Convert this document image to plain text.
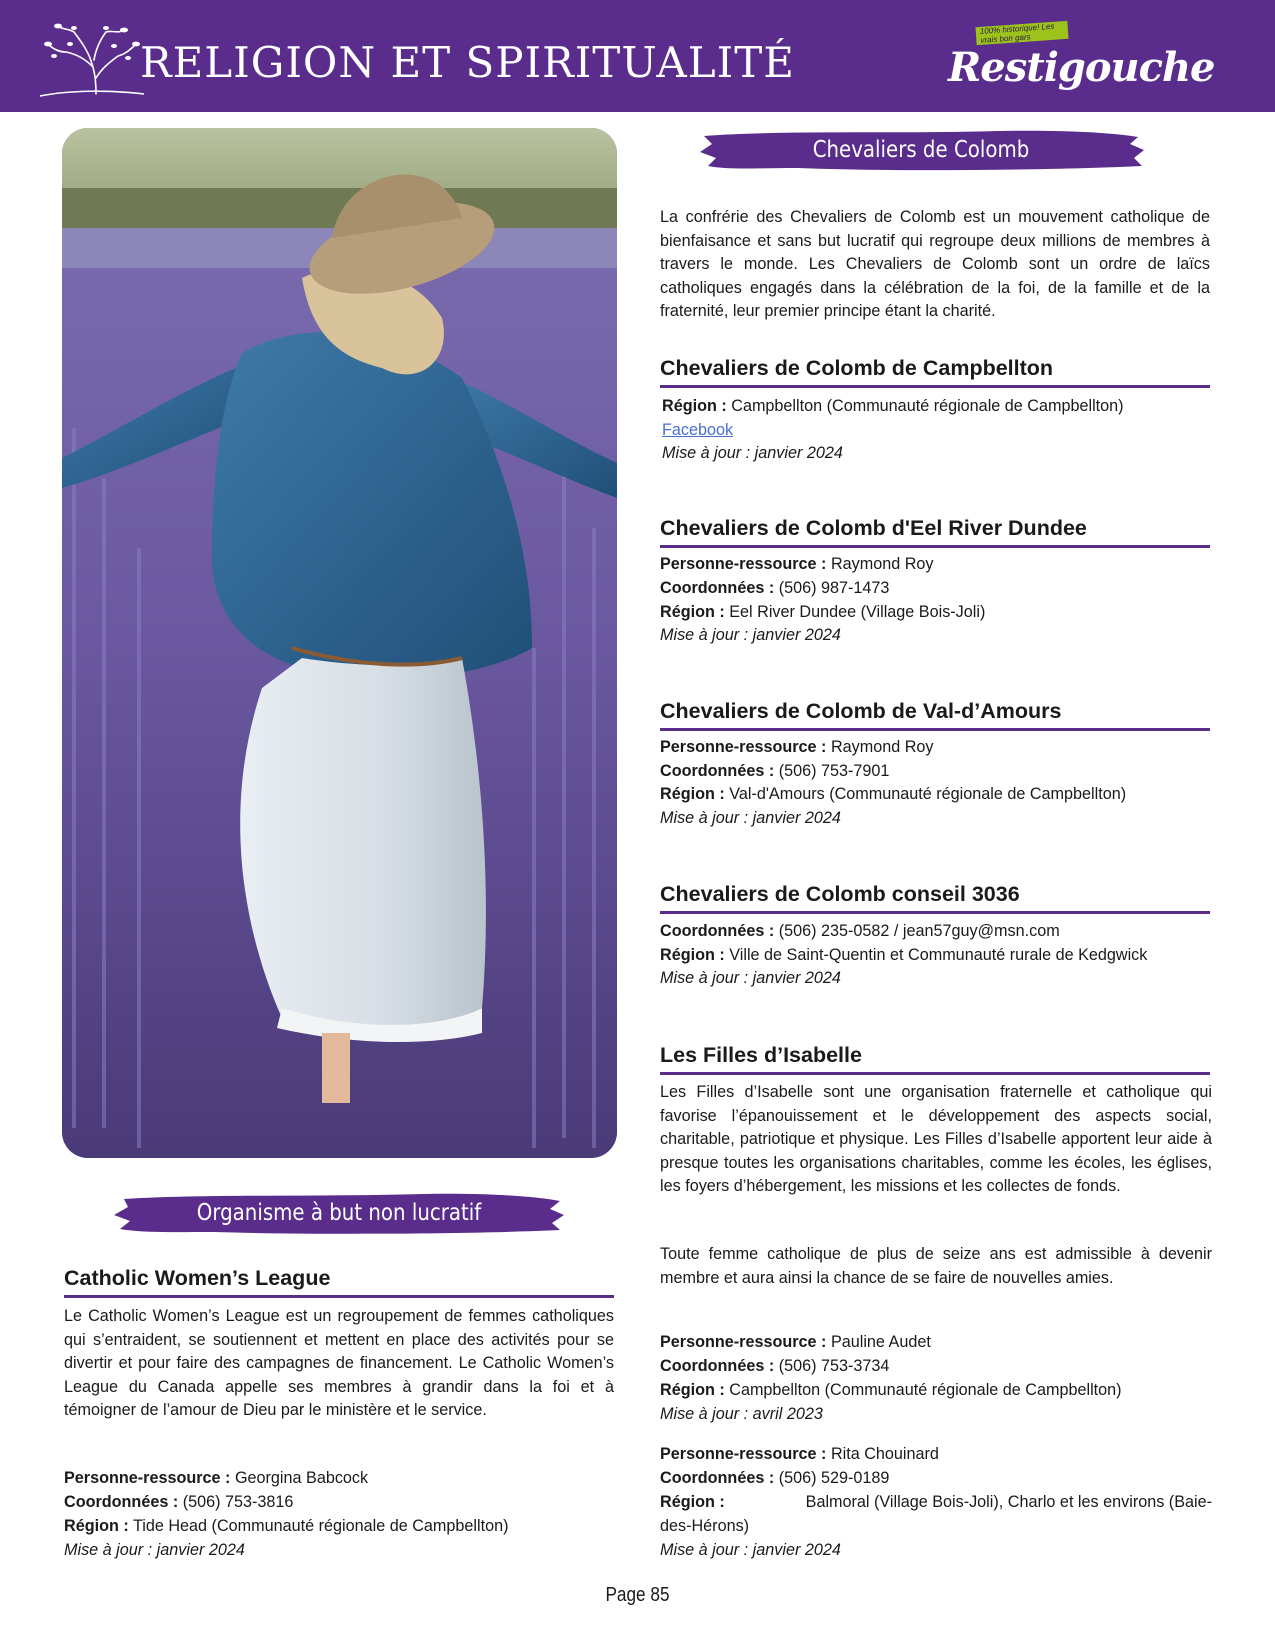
RELIGION ET SPIRITUALITÉ
100% historique! Les vrais bon gars
Restigouche
Chevaliers de Colomb
La confrérie des Chevaliers de Colomb est un mouvement catholique de bienfaisance et sans but lucratif qui regroupe deux millions de membres à travers le monde. Les Chevaliers de Colomb sont un ordre de laïcs catholiques engagés dans la célébration de la foi, de la famille et de la fraternité, leur premier principe étant la charité.
Chevaliers de Colomb de Campbellton
Région : Campbellton (Communauté régionale de Campbellton)
Facebook
Mise à jour : janvier 2024
Chevaliers de Colomb d'Eel River Dundee
Personne-ressource : Raymond Roy
Coordonnées : (506) 987-1473
Région : Eel River Dundee (Village Bois-Joli)
Mise à jour : janvier 2024
Chevaliers de Colomb de Val-d’Amours
Personne-ressource : Raymond Roy
Coordonnées : (506) 753-7901
Région : Val-d'Amours (Communauté régionale de Campbellton)
Mise à jour : janvier 2024
Chevaliers de Colomb conseil 3036
Coordonnées : (506) 235-0582 / jean57guy@msn.com
Région : Ville de Saint-Quentin et Communauté rurale de Kedgwick
Mise à jour : janvier 2024
Les Filles d’Isabelle
Les Filles d’Isabelle sont une organisation fraternelle et catholique qui favorise l’épanouissement et le développement des aspects social, charitable, patriotique et physique. Les Filles d’Isabelle apportent leur aide à presque toutes les organisations charitables, comme les écoles, les églises, les foyers d’hébergement, les missions et les collectes de fonds.
Toute femme catholique de plus de seize ans est admissible à devenir membre et aura ainsi la chance de se faire de nouvelles amies.
Personne-ressource : Pauline Audet
Coordonnées : (506) 753-3734
Région : Campbellton (Communauté régionale de Campbellton)
Mise à jour : avril 2023
Personne-ressource : Rita Chouinard
Coordonnées : (506) 529-0189
Région :	Balmoral (Village Bois-Joli), Charlo et les environs (Baie-
des-Hérons)
Mise à jour : janvier 2024
Organisme à but non lucratif
Catholic Women’s League
Le Catholic Women’s League est un regroupement de femmes catholiques qui s’entraident, se soutiennent et mettent en place des activités pour se divertir et pour faire des campagnes de financement. Le Catholic Women’s League du Canada appelle ses membres à grandir dans la foi et à témoigner de l’amour de Dieu par le ministère et le service.
Personne-ressource : Georgina Babcock
Coordonnées : (506) 753-3816
Région : Tide Head (Communauté régionale de Campbellton)
Mise à jour : janvier 2024
Page 85
